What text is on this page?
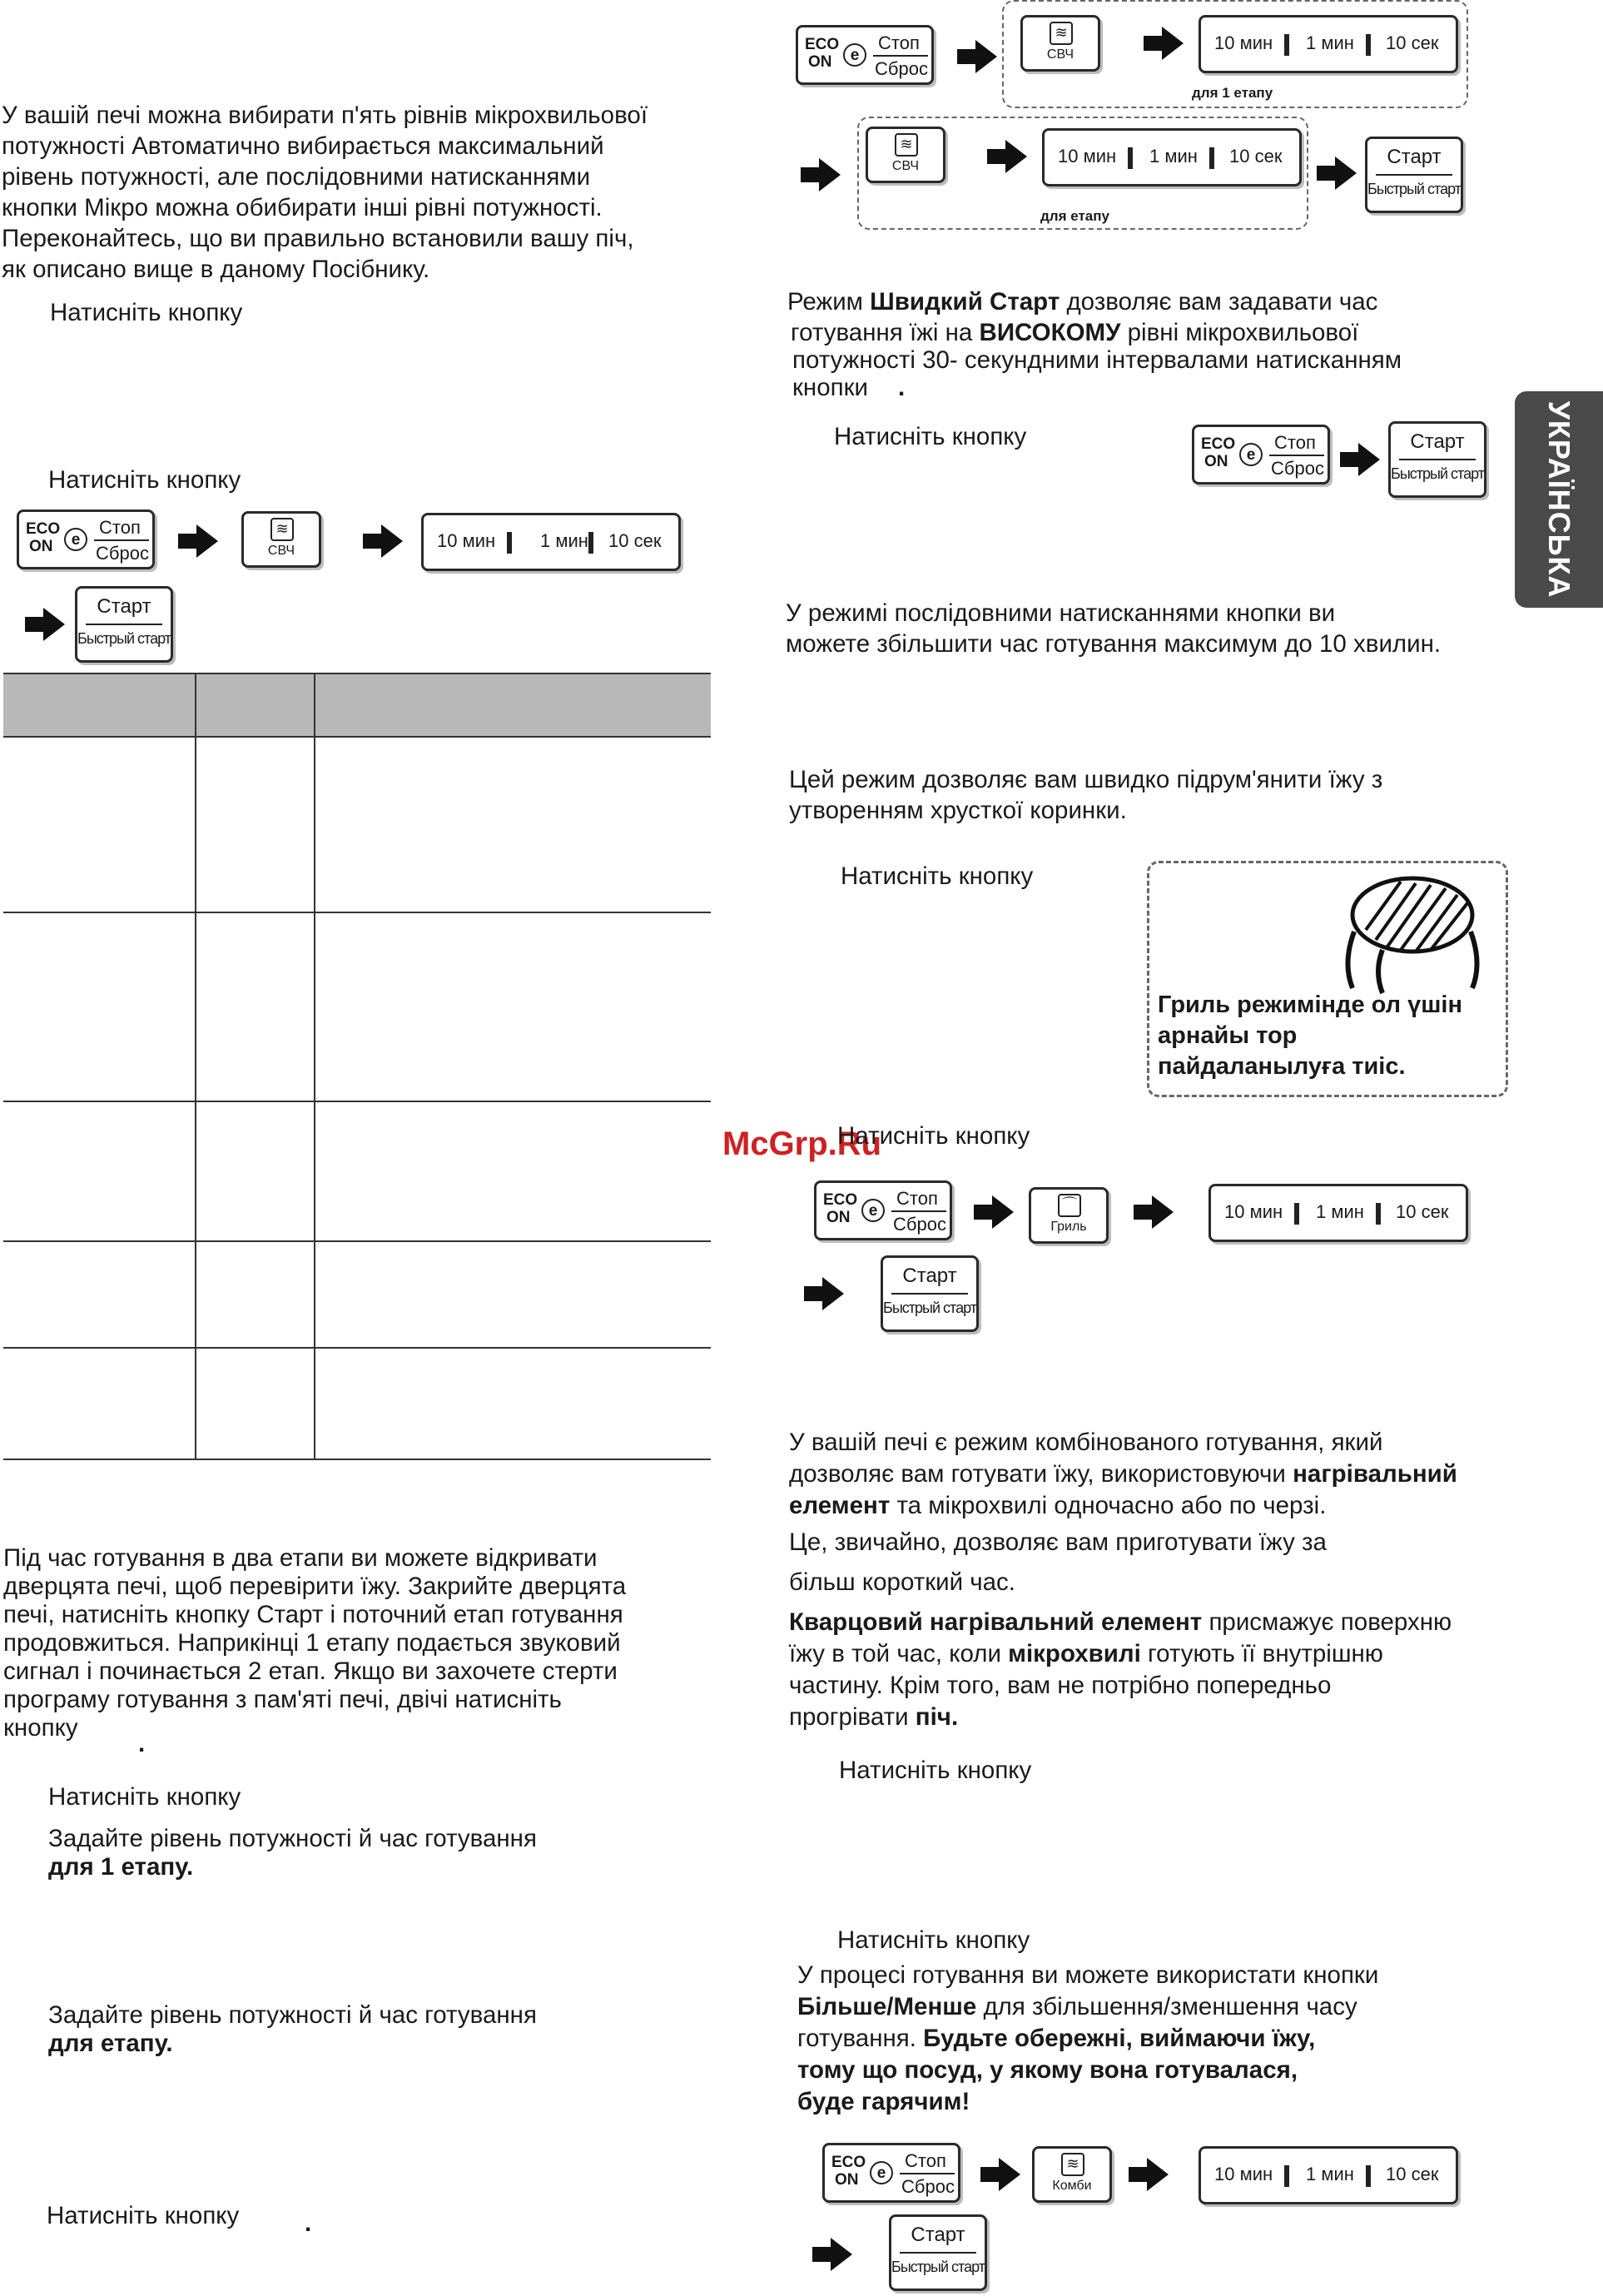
УКРАЇНСЬКА
McGrp.Ru
У вашій печі можна вибирати п'ять рівнів мікрохвильової
потужності Автоматично вибирається максимальний
рівень потужності, але послідовними натисканнями
кнопки Мікро можна обибирати інші рівні потужності.
Переконайтесь, що ви правильно встановили вашу піч,
як описано вище в даному Посібнику.
Натисніть кнопку
Натисніть кнопку
ECO
ON	e
Стоп
Сброс
≋
СВЧ	10 мин 1 мин 10 сек
Старт
Быстрый старт
Під час готування в два етапи ви можете відкривати
дверцята печі, щоб перевірити їжу. Закрийте дверцята
печі, натисніть кнопку Старт і поточний етап готування
продовжиться. Наприкінці 1 етапу подається звуковий
сигнал і починається 2 етап. Якщо ви захочете стерти
програму готування з пам'яті печі, двічі натисніть
кнопку
.
Натисніть кнопку
Задайте рівень потужності й час готування
для 1 етапу.
Задайте рівень потужності й час готування
для етапу.
Натисніть кнопку	.
ECO
ON	e
Стоп
Сброс
≋
СВЧ
10 мин 1 мин 10 сек
для 1 етапу
≋
СВЧ	10 мин 1 мин 10 сек
для етапу
Старт
Быстрый старт
Режим Швидкий Старт дозволяє вам задавати час
готування їжі на ВИСОКОМУ рівні мікрохвильової
потужності 30- секундними інтервалами натисканням
кнопки .
Натисніть кнопку	ECO
ON	e
Стоп
Сброс
Старт
Быстрый старт
У режимі послідовними натисканнями кнопки ви
можете збільшити час готування максимум до 10 хвилин.
Цей режим дозволяє вам швидко підрум'янити їжу з
утворенням хрусткої коринки.
Натисніть кнопку
Гриль режимінде ол үшін
арнайы тор
пайдаланылуға тиіс.
Натисніть кнопку
ECO
ON	e
Стоп
Сброс
⌒
Гриль
10 мин 1 мин 10 сек
Старт
Быстрый старт
У вашій печі є режим комбінованого готування, який
дозволяє вам готувати їжу, використовуючи нагрівальний
елемент та мікрохвилі одночасно або по черзі.
Це, звичайно, дозволяє вам приготувати їжу за
більш короткий час.
Кварцовий нагрівальний елемент присмажує поверхню
їжу в той час, коли мікрохвилі готують її внутрішню
частину. Крім того, вам не потрібно попередньо
прогрівати піч.
Натисніть кнопку
Натисніть кнопку
У процесі готування ви можете використати кнопки
Більше/Менше для збільшення/зменшення часу
готування. Будьте обережні, виймаючи їжу,
тому що посуд, у якому вона готувалася,
буде гарячим!
ECO
ON	e
Стоп
Сброс
≋
Комби
10 мин 1 мин 10 сек
Старт
Быстрый старт
